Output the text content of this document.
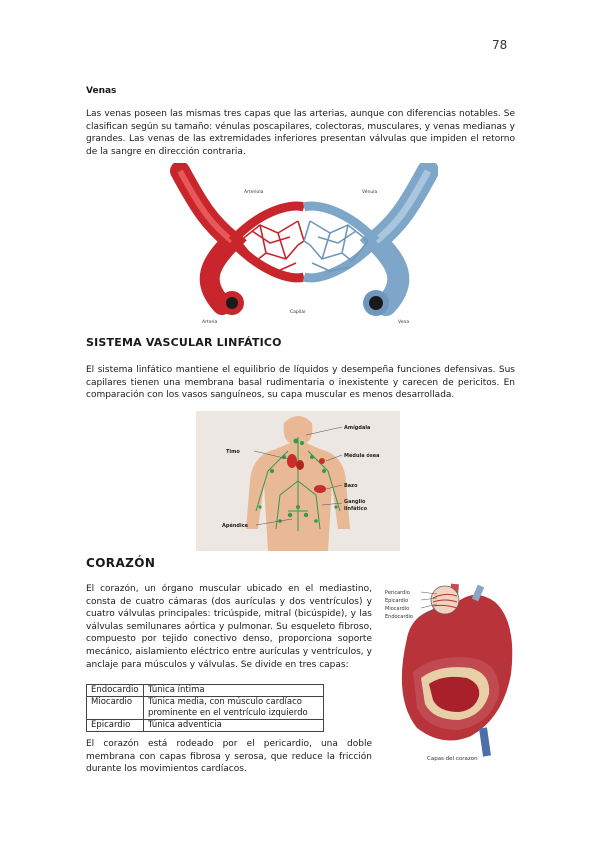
78
Venas

Las venas poseen las mismas tres capas que las arterias, aunque con diferencias notables. Se clasifican según su tamaño: vénulas poscapilares, colectoras, musculares, y venas medianas y grandes. Las venas de las extremidades inferiores presentan válvulas que impiden el retorno de la sangre en dirección contraria.

Arteriola	Vénula
Arteria
Capilar
Vena
SISTEMA VASCULAR LINFÁTICO

El sistema linfático mantiene el equilibrio de líquidos y desempeña funciones defensivas. Sus capilares tienen una membrana basal rudimentaria o inexistente y carecen de pericitos. En comparación con los vasos sanguíneos, su capa muscular es menos desarrollada.

Amígdala
Timo
Médula ósea
Bazo
Ganglio
linfático
Apéndice
CORAZÓN

El corazón, un órgano muscular ubicado en el mediastino, consta de cuatro cámaras (dos aurículas y dos ventrículos) y cuatro válvulas principales: tricúspide, mitral (bicúspide), y las válvulas semilunares aórtica y pulmonar. Su esqueleto fibroso, compuesto por tejido conectivo denso, proporciona soporte mecánico, aislamiento eléctrico entre aurículas y ventrículos, y anclaje para músculos y válvulas. Se divide en tres capas:

Endocardio	Túnica íntima
Miocardio	Túnica media, con músculo cardíaco prominente en el ventrículo izquierdo
Epicardio	Túnica adventicia

El corazón está rodeado por el pericardio, una doble membrana con capas fibrosa y serosa, que reduce la fricción durante los movimientos cardíacos.

Pericardio
Epicardio
Miocardio
Endocardio
Capas del corazon
